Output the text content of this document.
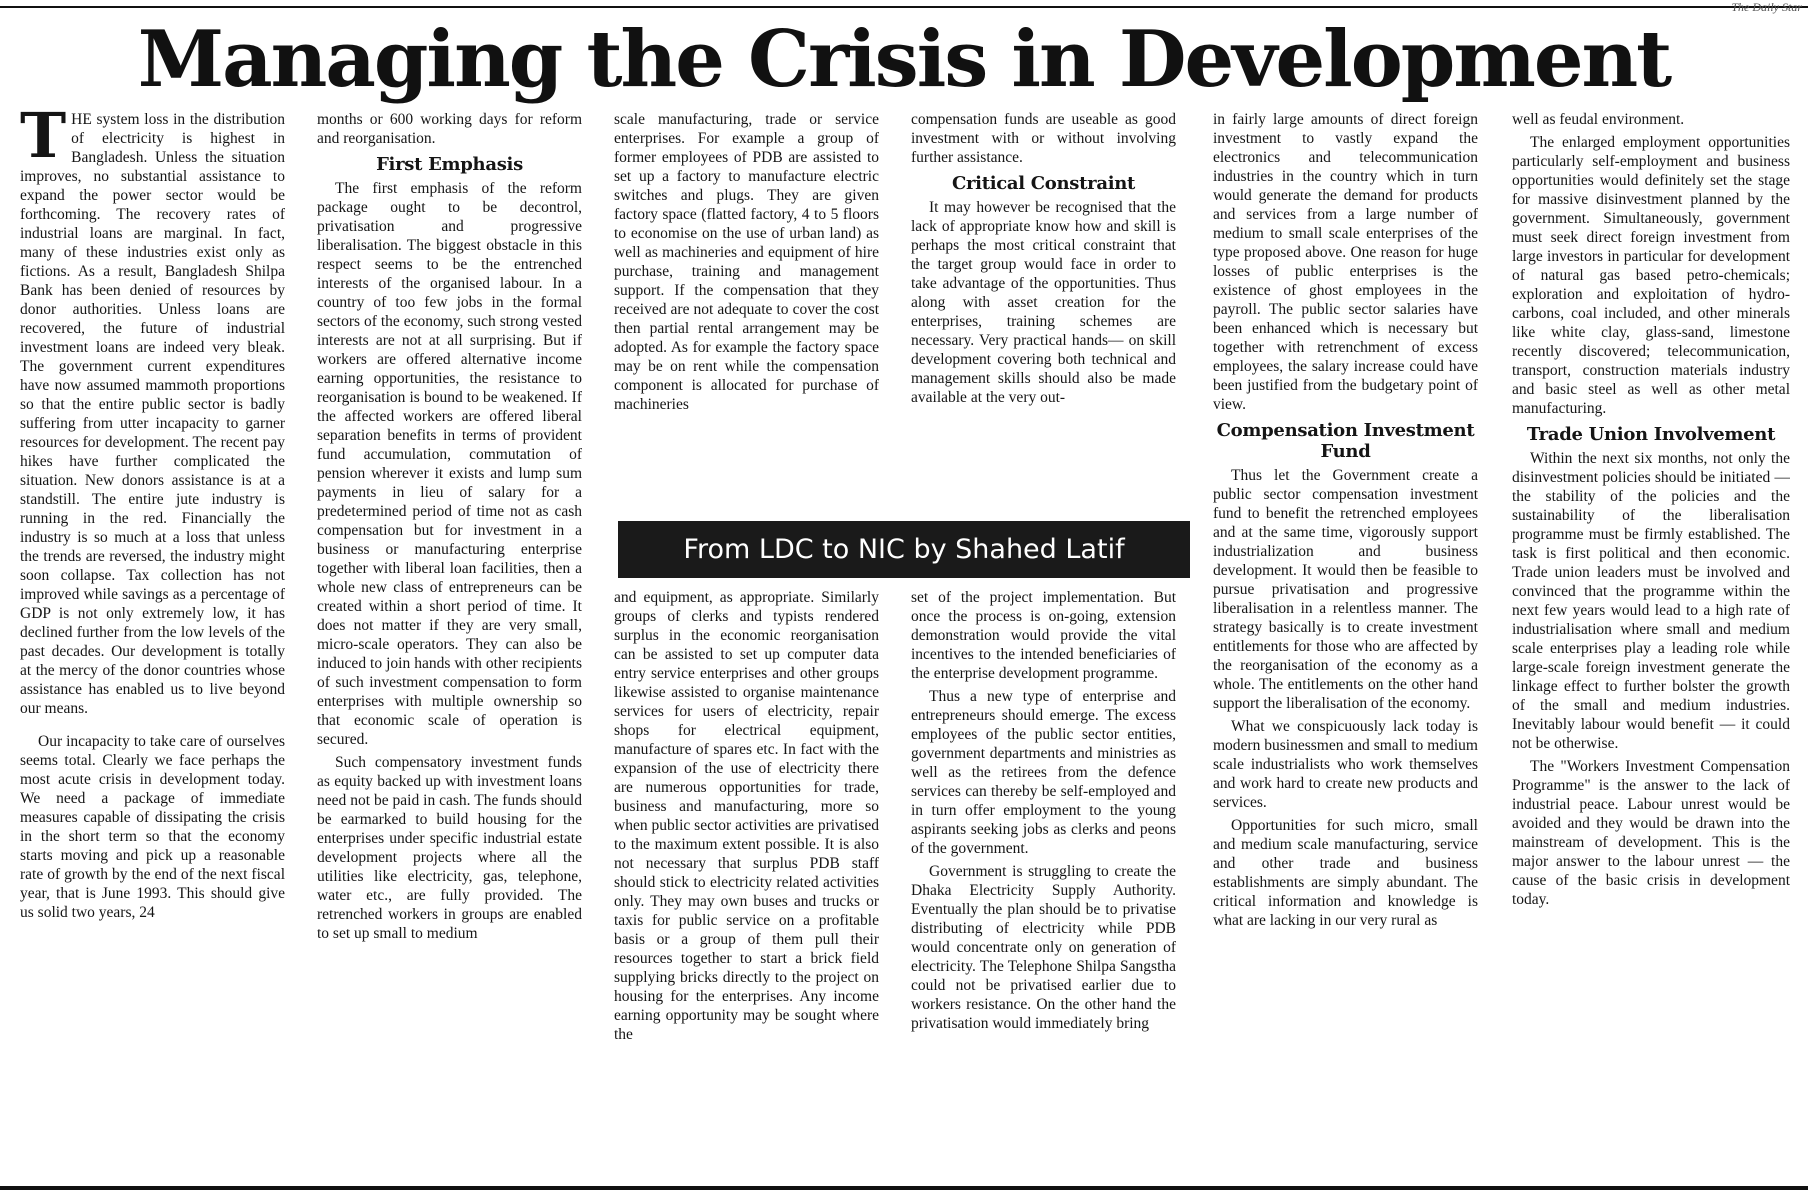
The Daily Star
Managing the Crisis in Development

THE system loss in the distribution of electricity is highest in Bangladesh. Unless the situation improves, no substantial assistance to expand the power sector would be forthcoming. The recovery rates of industrial loans are marginal. In fact, many of these industries exist only as fictions. As a result, Bangladesh Shilpa Bank has been denied of resources by donor authorities. Unless loans are recovered, the future of industrial investment loans are indeed very bleak. The government current expenditures have now assumed mammoth proportions so that the entire public sector is badly suffering from utter incapacity to garner resources for development. The recent pay hikes have further complicated the situation. New donors assistance is at a standstill. The entire jute industry is running in the red. Financially the industry is so much at a loss that unless the trends are reversed, the industry might soon collapse. Tax collection has not improved while savings as a percentage of GDP is not only extremely low, it has declined further from the low levels of the past decades. Our development is totally at the mercy of the donor countries whose assistance has enabled us to live beyond our means.

Our incapacity to take care of ourselves seems total. Clearly we face perhaps the most acute crisis in development today. We need a package of immediate measures capable of dissipating the crisis in the short term so that the economy starts moving and pick up a reasonable rate of growth by the end of the next fiscal year, that is June 1993. This should give us solid two years, 24

months or 600 working days for reform and reorganisation.

First Emphasis

The first emphasis of the reform package ought to be decontrol, privatisation and progressive liberalisation. The biggest obstacle in this respect seems to be the entrenched interests of the organised labour. In a country of too few jobs in the formal sectors of the economy, such strong vested interests are not at all surprising. But if workers are offered alternative income earning opportunities, the resistance to reorganisation is bound to be weakened. If the affected workers are offered liberal separation benefits in terms of provident fund accumulation, commutation of pension wherever it exists and lump sum payments in lieu of salary for a predetermined period of time not as cash compensation but for investment in a business or manufacturing enterprise together with liberal loan facilities, then a whole new class of entrepreneurs can be created within a short period of time. It does not matter if they are very small, micro-scale operators. They can also be induced to join hands with other recipients of such investment compensation to form enterprises with multiple ownership so that economic scale of operation is secured.

Such compensatory investment funds as equity backed up with investment loans need not be paid in cash. The funds should be earmarked to build housing for the enterprises under specific industrial estate development projects where all the utilities like electricity, gas, telephone, water etc., are fully provided. The retrenched workers in groups are enabled to set up small to medium

scale manufacturing, trade or service enterprises. For example a group of former employees of PDB are assisted to set up a factory to manufacture electric switches and plugs. They are given factory space (flatted factory, 4 to 5 floors to economise on the use of urban land) as well as machineries and equipment of hire purchase, training and management support. If the compensation that they received are not adequate to cover the cost then partial rental arrangement may be adopted. As for example the factory space may be on rent while the compensation component is allocated for purchase of machineries

compensation funds are useable as good investment with or without involving further assistance.

Critical Constraint

It may however be recognised that the lack of appropriate know how and skill is perhaps the most critical constraint that the target group would face in order to take advantage of the opportunities. Thus along with asset creation for the enterprises, training schemes are necessary. Very practical hands— on skill development covering both technical and management skills should also be made available at the very out-

From LDC to NIC by Shahed Latif

and equipment, as appropriate. Similarly groups of clerks and typists rendered surplus in the economic reorganisation can be assisted to set up computer data entry service enterprises and other groups likewise assisted to organise maintenance services for users of electricity, repair shops for electrical equipment, manufacture of spares etc. In fact with the expansion of the use of electricity there are numerous opportunities for trade, business and manufacturing, more so when public sector activities are privatised to the maximum extent possible. It is also not necessary that surplus PDB staff should stick to electricity related activities only. They may own buses and trucks or taxis for public service on a profitable basis or a group of them pull their resources together to start a brick field supplying bricks directly to the project on housing for the enterprises. Any income earning opportunity may be sought where the

set of the project implementation. But once the process is on-going, extension demonstration would provide the vital incentives to the intended beneficiaries of the enterprise development programme.

Thus a new type of enterprise and entrepreneurs should emerge. The excess employees of the public sector entities, government departments and ministries as well as the retirees from the defence services can thereby be self-employed and in turn offer employment to the young aspirants seeking jobs as clerks and peons of the government.

Government is struggling to create the Dhaka Electricity Supply Authority. Eventually the plan should be to privatise distributing of electricity while PDB would concentrate only on generation of electricity. The Telephone Shilpa Sangstha could not be privatised earlier due to workers resistance. On the other hand the privatisation would immediately bring

in fairly large amounts of direct foreign investment to vastly expand the electronics and telecommunication industries in the country which in turn would generate the demand for products and services from a large number of medium to small scale enterprises of the type proposed above. One reason for huge losses of public enterprises is the existence of ghost employees in the payroll. The public sector salaries have been enhanced which is necessary but together with retrenchment of excess employees, the salary increase could have been justified from the budgetary point of view.

Compensation Investment Fund

Thus let the Government create a public sector compensation investment fund to benefit the retrenched employees and at the same time, vigorously support industrialization and business development. It would then be feasible to pursue privatisation and progressive liberalisation in a relentless manner. The strategy basically is to create investment entitlements for those who are affected by the reorganisation of the economy as a whole. The entitlements on the other hand support the liberalisation of the economy.

What we conspicuously lack today is modern businessmen and small to medium scale industrialists who work themselves and work hard to create new products and services.

Opportunities for such micro, small and medium scale manufacturing, service and other trade and business establishments are simply abundant. The critical information and knowledge is what are lacking in our very rural as

well as feudal environment.

The enlarged employment opportunities particularly self-employment and business opportunities would definitely set the stage for massive disinvestment planned by the government. Simultaneously, government must seek direct foreign investment from large investors in particular for development of natural gas based petro-chemicals; exploration and exploitation of hydro-carbons, coal included, and other minerals like white clay, glass-sand, limestone recently discovered; telecommunication, transport, construction materials industry and basic steel as well as other metal manufacturing.

Trade Union Involvement

Within the next six months, not only the disinvestment policies should be initiated — the stability of the policies and the sustainability of the liberalisation programme must be firmly established. The task is first political and then economic. Trade union leaders must be involved and convinced that the programme within the next few years would lead to a high rate of industrialisation where small and medium scale enterprises play a leading role while large-scale foreign investment generate the linkage effect to further bolster the growth of the small and medium industries. Inevitably labour would benefit — it could not be otherwise.

The "Workers Investment Compensation Programme" is the answer to the lack of industrial peace. Labour unrest would be avoided and they would be drawn into the mainstream of development. This is the major answer to the labour unrest — the cause of the basic crisis in development today.
